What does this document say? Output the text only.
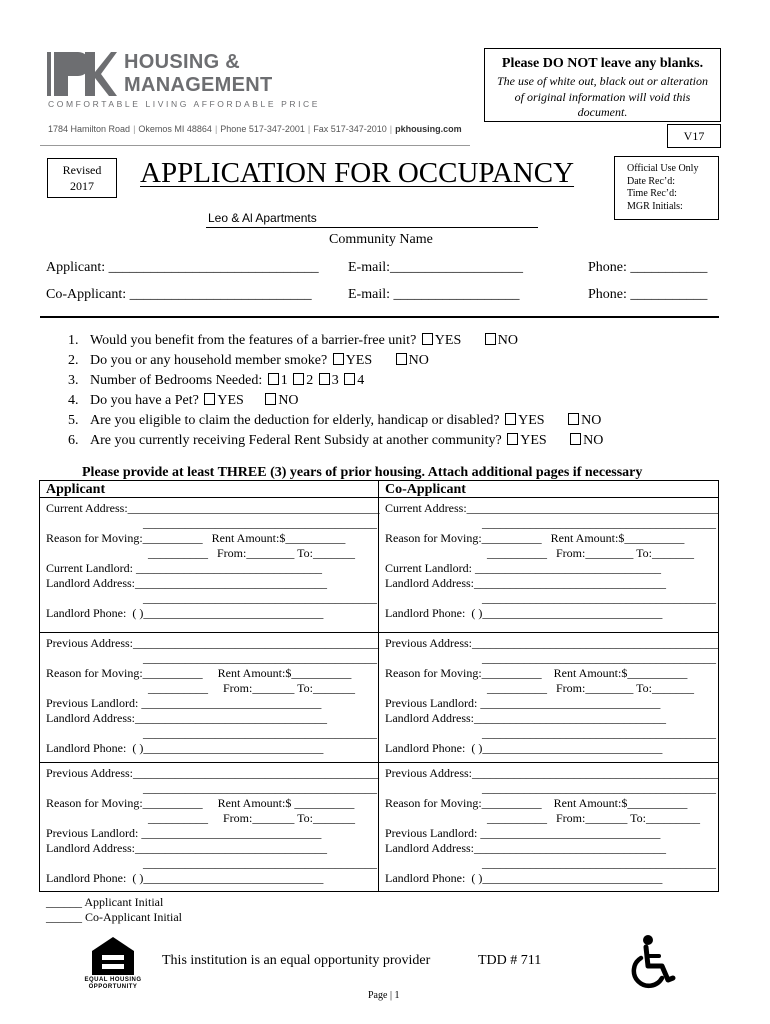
HOUSING &
MANAGEMENT
COMFORTABLE LIVING AFFORDABLE PRICE
1784 Hamilton Road | Okemos MI 48864 | Phone 517-347-2001 | Fax 517-347-2010 | pkhousing.com
Please DO NOT leave any blanks.
The use of white out, black out or alteration of original information will void this document.
V17
Revised
2017	APPLICATION FOR OCCUPANCY	Official Use Only
Date Rec’d:
Time Rec’d:
MGR Initials:
Leo & Al Apartments
Community Name
Applicant: ______________________________ E-mail:___________________	Phone: ___________
Co-Applicant: __________________________	E-mail: __________________	Phone: ___________
1. Would you benefit from the features of a barrier-free unit? YES	NO
2. Do you or any household member smoke? YES	NO
3. Number of Bedrooms Needed: 1 2 3 4
4. Do you have a Pet? YES NO
5. Are you eligible to claim the deduction for elderly, handicap or disabled? YES	NO
6. Are you currently receiving Federal Rent Subsidy at another community? YES	NO
Please provide at least THREE (3) years of prior housing. Attach additional pages if necessary
Applicant	Co-Applicant
Current Address:__________________________________________
_______________________________________
Reason for Moving:__________   Rent Amount:$__________
__________   From:________ To:_______
Current Landlord: _______________________________
Landlord Address:________________________________
_______________________________________
Landlord Phone: ( )______________________________
Current Address:__________________________________________
_______________________________________
Reason for Moving:__________   Rent Amount:$__________
__________   From:________ To:_______
Current Landlord: _______________________________
Landlord Address:________________________________
_______________________________________
Landlord Phone: ( )______________________________
Previous Address:_________________________________________
_______________________________________
Reason for Moving:__________     Rent Amount:$__________
__________     From:_______ To:_______
Previous Landlord: ______________________________
Landlord Address:________________________________
_______________________________________
Landlord Phone: ( )______________________________
Previous Address:_________________________________________
_______________________________________
Reason for Moving:__________    Rent Amount:$__________
__________   From:________ To:_______
Previous Landlord: ______________________________
Landlord Address:________________________________
_______________________________________
Landlord Phone: ( )______________________________
Previous Address:_________________________________________
_______________________________________
Reason for Moving:__________     Rent Amount:$ __________
__________     From:_______ To:_______
Previous Landlord: ______________________________
Landlord Address:________________________________
_______________________________________
Landlord Phone: ( )______________________________
Previous Address:_________________________________________
_______________________________________
Reason for Moving:__________    Rent Amount:$__________
__________   From:_______ To:_________
Previous Landlord: ______________________________
Landlord Address:________________________________
_______________________________________
Landlord Phone: ( )______________________________
______ Applicant Initial
______ Co-Applicant Initial
EQUAL HOUSING
OPPORTUNITY
This institution is an equal opportunity provider	TDD # 711
Page | 1
